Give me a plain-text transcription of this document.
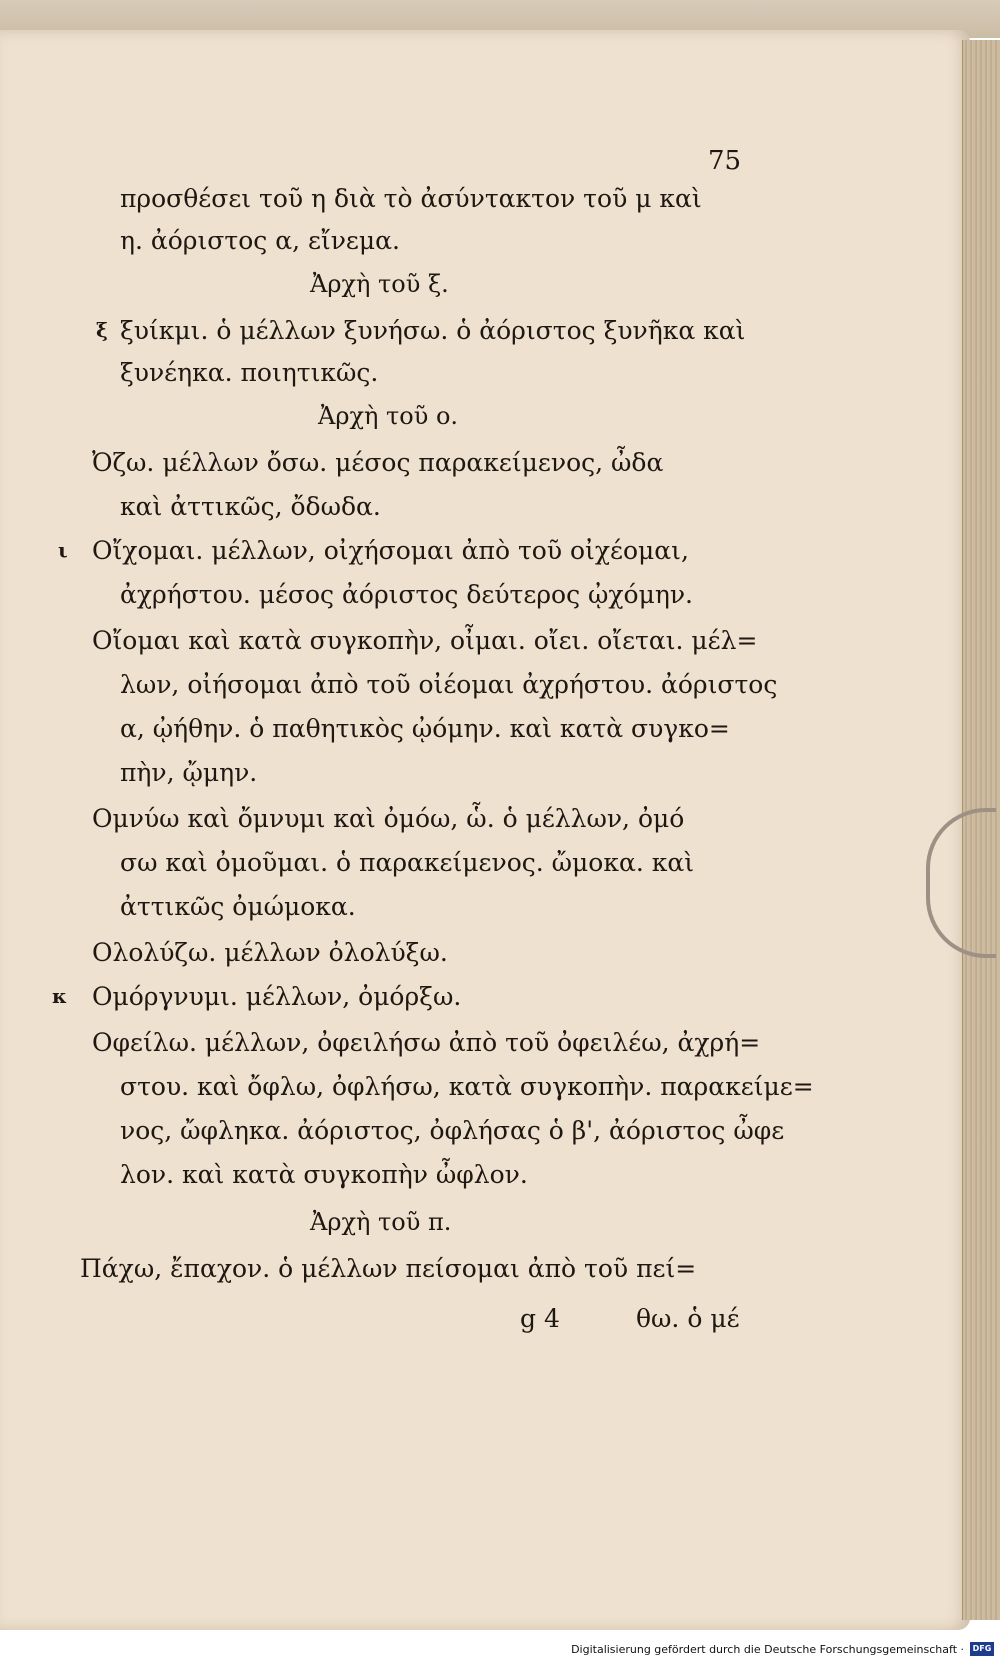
75
προσθέσει τοῦ η διὰ τὸ ἀσύντακτον τοῦ μ καὶ
η. ἀόριστος α, εἴνεμα.
Ἀρχὴ τοῦ ξ.
ξ ξυίκμι. ὁ μέλλων ξυνήσω. ὁ ἀόριστος ξυνῆκα καὶ
ξυνέηκα. ποιητικῶς.
Ἀρχὴ τοῦ ο.
Ὀζω. μέλλων ὄσω. μέσος παρακείμενος, ὦδα
καὶ ἀττικῶς, ὄδωδα.
ι Οἴχομαι. μέλλων, οἰχήσομαι ἀπὸ τοῦ οἰχέομαι,
ἀχρήστου. μέσος ἀόριστος δεύτερος ᾠχόμην.
Οἴομαι καὶ κατὰ συγκοπὴν, οἶμαι. οἴει. οἴεται. μέλ=
λων, οἰήσομαι ἀπὸ τοῦ οἰέομαι ἀχρήστου. ἀόριστος
α, ᾠήθην. ὁ παθητικὸς ᾠόμην. καὶ κατὰ συγκο=
πὴν, ᾤμην.
Ομνύω καὶ ὄμνυμι καὶ ὀμόω, ὧ. ὁ μέλλων, ὀμό
σω καὶ ὀμοῦμαι. ὁ παρακείμενος. ὤμοκα. καὶ
ἀττικῶς ὀμώμοκα.
Ολολύζω. μέλλων ὀλολύξω.
κ Ομόργνυμι. μέλλων, ὀμόρξω.
Οφείλω. μέλλων, ὀφειλήσω ἀπὸ τοῦ ὀφειλέω, ἀχρή=
στου. καὶ ὄφλω, ὀφλήσω, κατὰ συγκοπὴν. παρακείμε=
νος, ὤφληκα. ἀόριστος, ὀφλήσας ὁ β', ἀόριστος ὦφε
λον. καὶ κατὰ συγκοπὴν ὦφλον.
Ἀρχὴ τοῦ π.
Πάχω, ἔπαχον. ὁ μέλλων πείσομαι ἀπὸ τοῦ πεί=
g 4	θω. ὁ μέ
Digitalisierung gefördert durch die Deutsche Forschungsgemeinschaft ·	DFG
